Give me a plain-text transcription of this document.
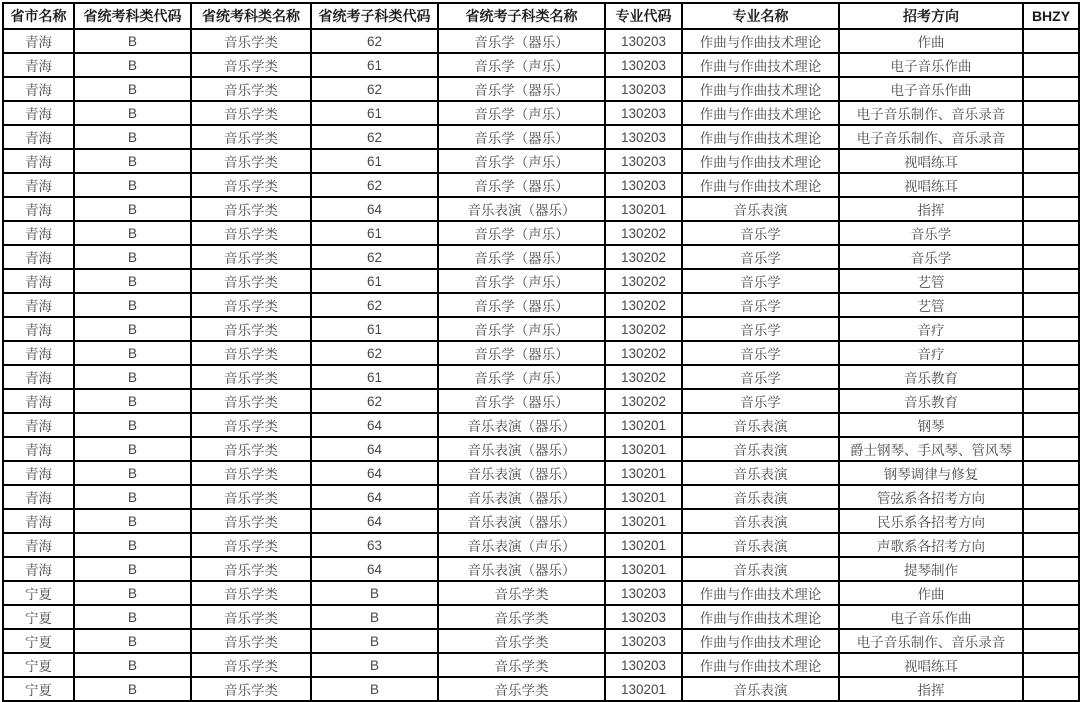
省市名称	省统考科类代码	省统考科类名称	省统考子科类代码	省统考子科类名称	专业代码	专业名称	招考方向	BHZY
青海	B	音乐学类	62	音乐学（器乐）	130203	作曲与作曲技术理论	作曲	
青海	B	音乐学类	61	音乐学（声乐）	130203	作曲与作曲技术理论	电子音乐作曲	
青海	B	音乐学类	62	音乐学（器乐）	130203	作曲与作曲技术理论	电子音乐作曲	
青海	B	音乐学类	61	音乐学（声乐）	130203	作曲与作曲技术理论	电子音乐制作、音乐录音	
青海	B	音乐学类	62	音乐学（器乐）	130203	作曲与作曲技术理论	电子音乐制作、音乐录音	
青海	B	音乐学类	61	音乐学（声乐）	130203	作曲与作曲技术理论	视唱练耳	
青海	B	音乐学类	62	音乐学（器乐）	130203	作曲与作曲技术理论	视唱练耳	
青海	B	音乐学类	64	音乐表演（器乐）	130201	音乐表演	指挥	
青海	B	音乐学类	61	音乐学（声乐）	130202	音乐学	音乐学	
青海	B	音乐学类	62	音乐学（器乐）	130202	音乐学	音乐学	
青海	B	音乐学类	61	音乐学（声乐）	130202	音乐学	艺管	
青海	B	音乐学类	62	音乐学（器乐）	130202	音乐学	艺管	
青海	B	音乐学类	61	音乐学（声乐）	130202	音乐学	音疗	
青海	B	音乐学类	62	音乐学（器乐）	130202	音乐学	音疗	
青海	B	音乐学类	61	音乐学（声乐）	130202	音乐学	音乐教育	
青海	B	音乐学类	62	音乐学（器乐）	130202	音乐学	音乐教育	
青海	B	音乐学类	64	音乐表演（器乐）	130201	音乐表演	钢琴	
青海	B	音乐学类	64	音乐表演（器乐）	130201	音乐表演	爵士钢琴、手风琴、管风琴	
青海	B	音乐学类	64	音乐表演（器乐）	130201	音乐表演	钢琴调律与修复	
青海	B	音乐学类	64	音乐表演（器乐）	130201	音乐表演	管弦系各招考方向	
青海	B	音乐学类	64	音乐表演（器乐）	130201	音乐表演	民乐系各招考方向	
青海	B	音乐学类	63	音乐表演（声乐）	130201	音乐表演	声歌系各招考方向	
青海	B	音乐学类	64	音乐表演（器乐）	130201	音乐表演	提琴制作	
宁夏	B	音乐学类	B	音乐学类	130203	作曲与作曲技术理论	作曲	
宁夏	B	音乐学类	B	音乐学类	130203	作曲与作曲技术理论	电子音乐作曲	
宁夏	B	音乐学类	B	音乐学类	130203	作曲与作曲技术理论	电子音乐制作、音乐录音	
宁夏	B	音乐学类	B	音乐学类	130203	作曲与作曲技术理论	视唱练耳	
宁夏	B	音乐学类	B	音乐学类	130201	音乐表演	指挥	
